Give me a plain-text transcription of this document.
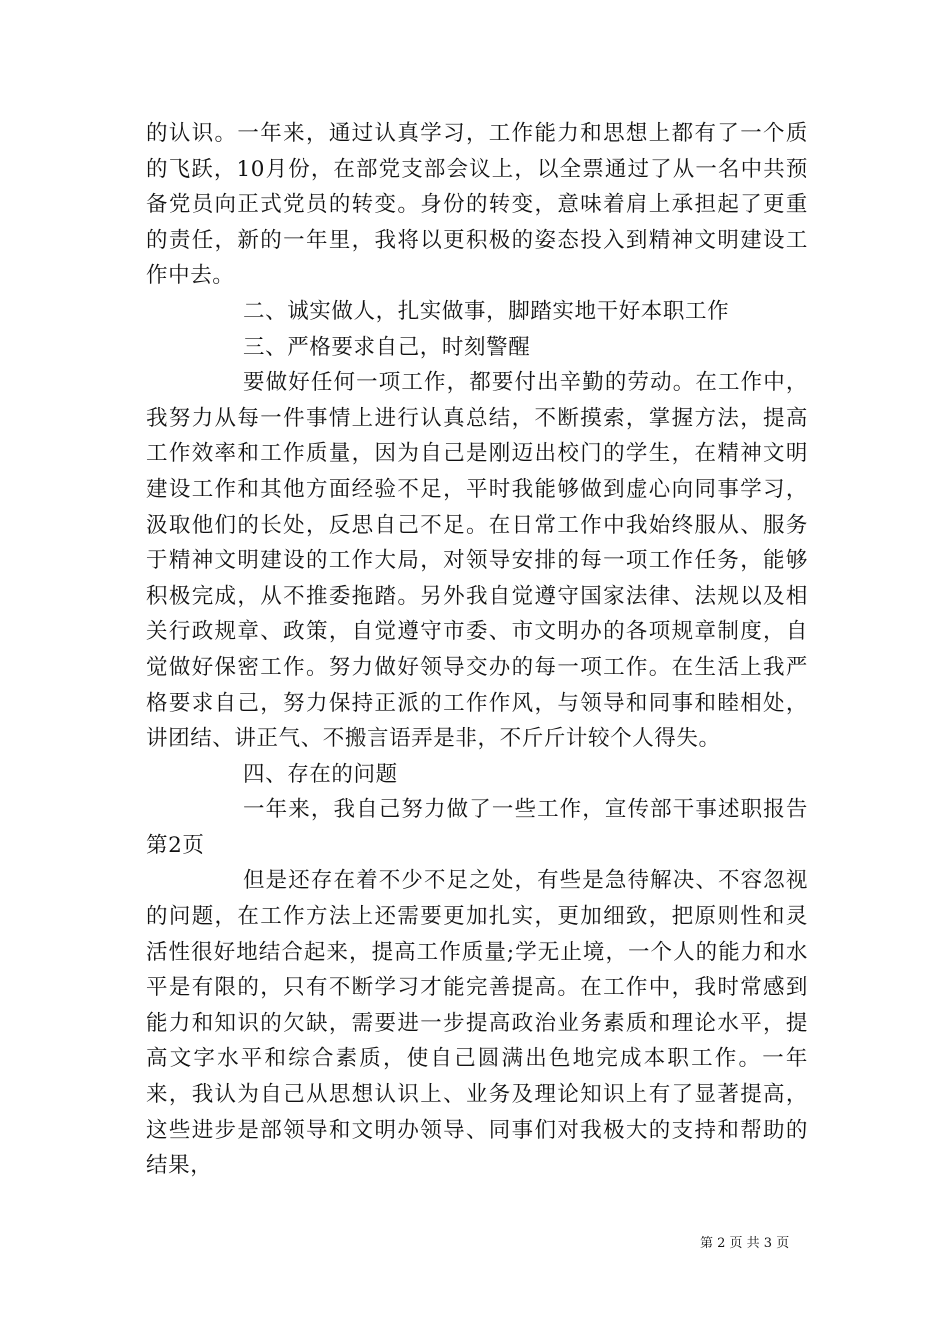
的认识。一年来，通过认真学习，工作能力和思想上都有了一个质的飞跃，10月份，在部党支部会议上，以全票通过了从一名中共预备党员向正式党员的转变。身份的转变，意味着肩上承担起了更重的责任，新的一年里，我将以更积极的姿态投入到精神文明建设工作中去。

二、诚实做人，扎实做事，脚踏实地干好本职工作

三、严格要求自己，时刻警醒

要做好任何一项工作，都要付出辛勤的劳动。在工作中，我努力从每一件事情上进行认真总结，不断摸索，掌握方法，提高工作效率和工作质量，因为自己是刚迈出校门的学生，在精神文明建设工作和其他方面经验不足，平时我能够做到虚心向同事学习，汲取他们的长处，反思自己不足。在日常工作中我始终服从、服务于精神文明建设的工作大局，对领导安排的每一项工作任务，能够积极完成，从不推委拖踏。另外我自觉遵守国家法律、法规以及相关行政规章、政策，自觉遵守市委、市文明办的各项规章制度，自觉做好保密工作。努力做好领导交办的每一项工作。在生活上我严格要求自己，努力保持正派的工作作风，与领导和同事和睦相处，讲团结、讲正气、不搬言语弄是非，不斤斤计较个人得失。

四、存在的问题

一年来，我自己努力做了一些工作，宣传部干事述职报告第2页

但是还存在着不少不足之处，有些是急待解决、不容忽视的问题，在工作方法上还需要更加扎实，更加细致，把原则性和灵活性很好地结合起来，提高工作质量;学无止境，一个人的能力和水平是有限的，只有不断学习才能完善提高。在工作中，我时常感到能力和知识的欠缺，需要进一步提高政治业务素质和理论水平，提高文字水平和综合素质，使自己圆满出色地完成本职工作。一年来，我认为自己从思想认识上、业务及理论知识上有了显著提高，这些进步是部领导和文明办领导、同事们对我极大的支持和帮助的结果，

第 2 页 共 3 页
